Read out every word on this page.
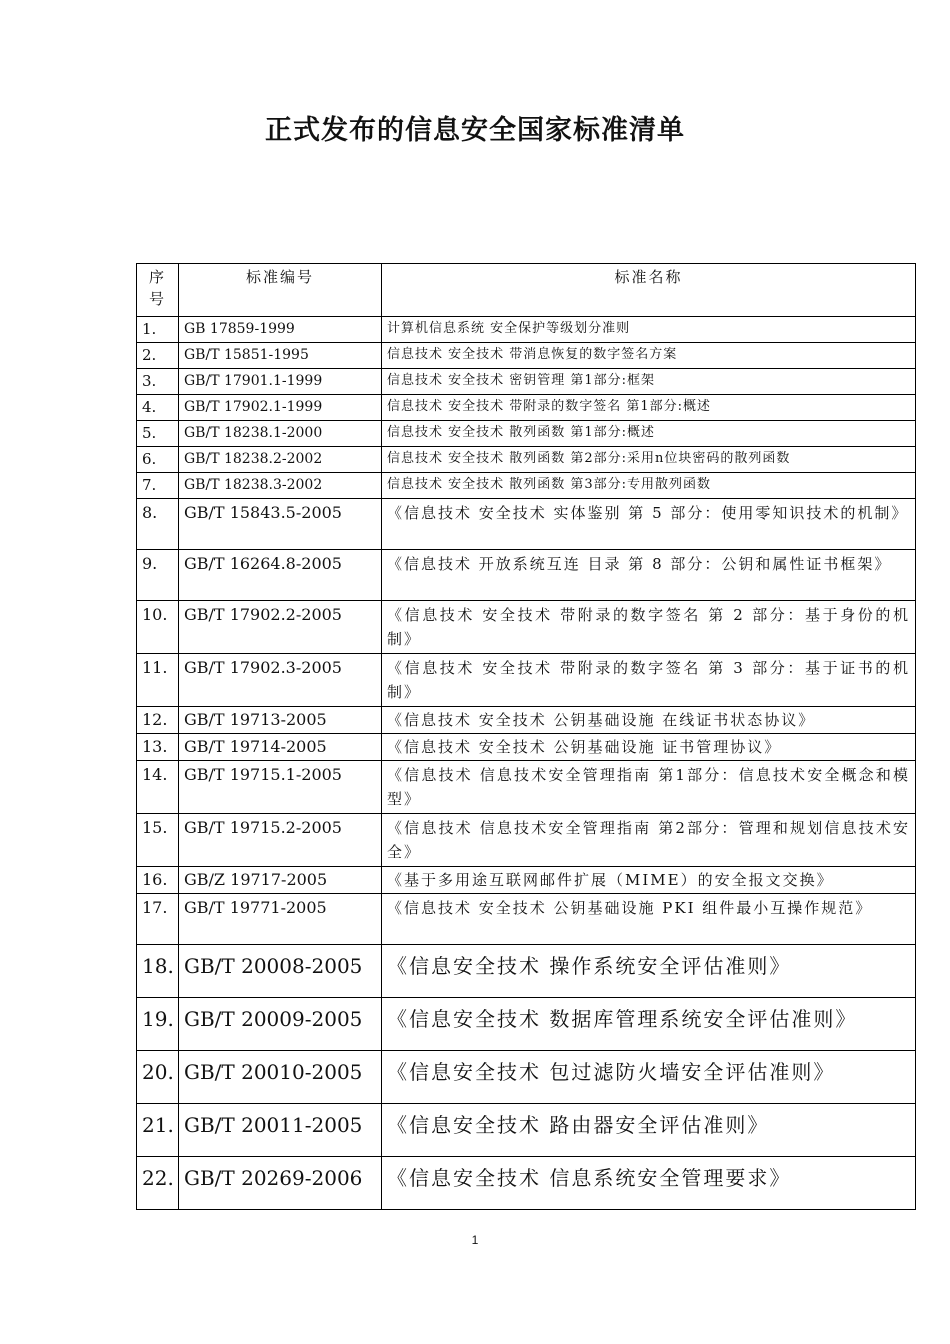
正式发布的信息安全国家标准清单
序号	标准编号	标准名称
1.	GB 17859-1999	计算机信息系统 安全保护等级划分准则
2.	GB/T 15851-1995	信息技术 安全技术 带消息恢复的数字签名方案
3.	GB/T 17901.1-1999	信息技术 安全技术 密钥管理 第1部分:框架
4.	GB/T 17902.1-1999	信息技术 安全技术 带附录的数字签名 第1部分:概述
5.	GB/T 18238.1-2000	信息技术 安全技术 散列函数 第1部分:概述
6.	GB/T 18238.2-2002	信息技术 安全技术 散列函数 第2部分:采用n位块密码的散列函数
7.	GB/T 18238.3-2002	信息技术 安全技术 散列函数 第3部分:专用散列函数
8.	GB/T 15843.5-2005	《信息技术 安全技术 实体鉴别 第 5 部分：使用零知识技术的机制》
9.	GB/T 16264.8-2005	《信息技术 开放系统互连 目录 第 8 部分：公钥和属性证书框架》
10.	GB/T 17902.2-2005	《信息技术 安全技术 带附录的数字签名 第 2 部分：基于身份的机制》
11.	GB/T 17902.3-2005	《信息技术 安全技术 带附录的数字签名 第 3 部分：基于证书的机制》
12.	GB/T 19713-2005	《信息技术 安全技术 公钥基础设施 在线证书状态协议》
13.	GB/T 19714-2005	《信息技术 安全技术 公钥基础设施 证书管理协议》
14.	GB/T 19715.1-2005	《信息技术 信息技术安全管理指南 第1部分：信息技术安全概念和模型》
15.	GB/T 19715.2-2005	《信息技术 信息技术安全管理指南 第2部分：管理和规划信息技术安全》
16.	GB/Z 19717-2005	《基于多用途互联网邮件扩展（MIME）的安全报文交换》
17.	GB/T 19771-2005	《信息技术 安全技术 公钥基础设施 PKI 组件最小互操作规范》
18.	GB/T 20008-2005	《信息安全技术 操作系统安全评估准则》
19.	GB/T 20009-2005	《信息安全技术 数据库管理系统安全评估准则》
20.	GB/T 20010-2005	《信息安全技术 包过滤防火墙安全评估准则》
21.	GB/T 20011-2005	《信息安全技术 路由器安全评估准则》
22.	GB/T 20269-2006	《信息安全技术 信息系统安全管理要求》
1
